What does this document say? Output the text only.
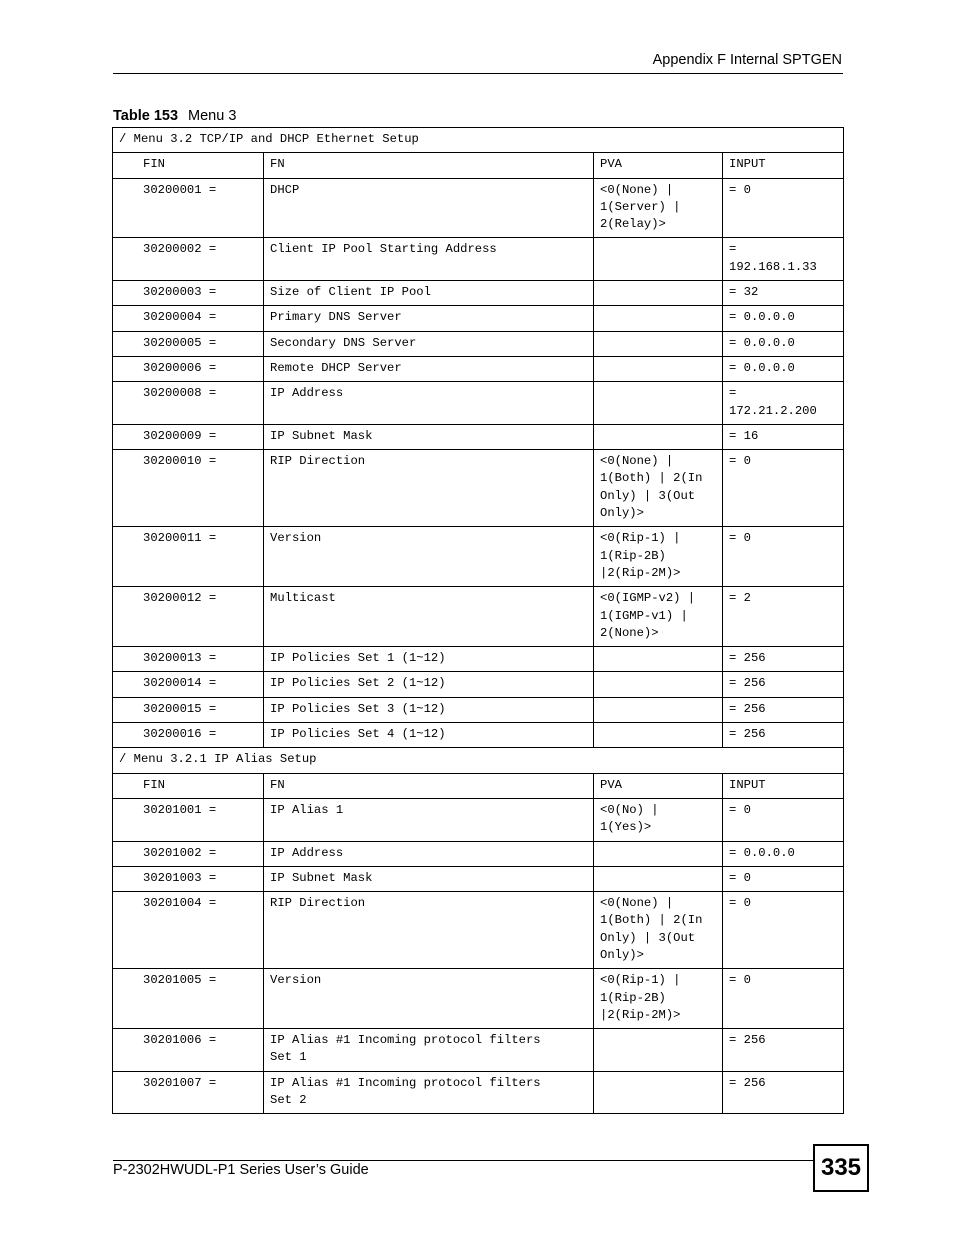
Appendix F Internal SPTGEN
Table 153 Menu 3
/ Menu 3.2 TCP/IP and DHCP Ethernet Setup			
FIN	FN	PVA	INPUT
30200001 =	DHCP	<0(None) |
1(Server) |
2(Relay)>	= 0
30200002 =	Client IP Pool Starting Address		=
192.168.1.33
30200003 =	Size of Client IP Pool		= 32
30200004 =	Primary DNS Server		= 0.0.0.0
30200005 =	Secondary DNS Server		= 0.0.0.0
30200006 =	Remote DHCP Server		= 0.0.0.0
30200008 =	IP Address		=
172.21.2.200
30200009 =	IP Subnet Mask		= 16
30200010 =	RIP Direction	<0(None) |
1(Both) | 2(In
Only) | 3(Out
Only)>	= 0
30200011 =	Version	<0(Rip-1) |
1(Rip-2B)
|2(Rip-2M)>	= 0
30200012 =	Multicast	<0(IGMP-v2) |
1(IGMP-v1) |
2(None)>	= 2
30200013 =	IP Policies Set 1 (1~12)		= 256
30200014 =	IP Policies Set 2 (1~12)		= 256
30200015 =	IP Policies Set 3 (1~12)		= 256
30200016 =	IP Policies Set 4 (1~12)		= 256
/ Menu 3.2.1 IP Alias Setup			
FIN	FN	PVA	INPUT
30201001 =	IP Alias 1	<0(No) |
1(Yes)>	= 0
30201002 =	IP Address		= 0.0.0.0
30201003 =	IP Subnet Mask		= 0
30201004 =	RIP Direction	<0(None) |
1(Both) | 2(In
Only) | 3(Out
Only)>	= 0
30201005 =	Version	<0(Rip-1) |
1(Rip-2B)
|2(Rip-2M)>	= 0
30201006 =	IP Alias #1 Incoming protocol filters
Set 1		= 256
30201007 =	IP Alias #1 Incoming protocol filters
Set 2		= 256
P-2302HWUDL-P1 Series User’s Guide	335
